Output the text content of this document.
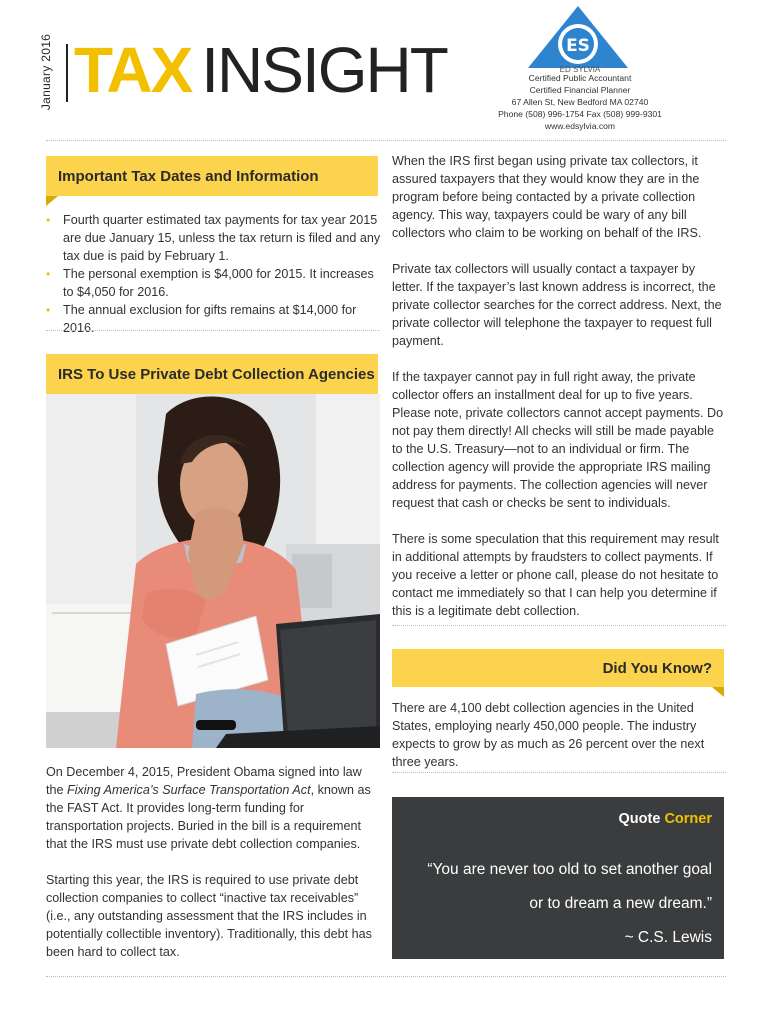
January 2016 TAX INSIGHT	ES
ED SYLVIA
Certified Public Accountant
Certified Financial Planner
67 Allen St, New Bedford MA 02740
Phone (508) 996-1754 Fax (508) 999-9301
www.edsylvia.com
Important Tax Dates and Information
• Fourth quarter estimated tax payments for tax year 2015 are due January 15, unless the tax return is filed and any tax due is paid by February 1.
• The personal exemption is $4,000 for 2015. It increases to $4,050 for 2016.
• The annual exclusion for gifts remains at $14,000 for 2016.
IRS To Use Private Debt Collection Agencies

On December 4, 2015, President Obama signed into law the Fixing America’s Surface Transportation Act, known as the FAST Act. It provides long-term funding for transportation projects. Buried in the bill is a requirement that the IRS must use private debt collection companies.

Starting this year, the IRS is required to use private debt collection companies to collect “inactive tax receivables” (i.e., any outstanding assessment that the IRS includes in potentially collectible inventory). Traditionally, this debt has been hard to collect tax.

When the IRS first began using private tax collectors, it assured taxpayers that they would know they are in the program before being contacted by a private collection agency. This way, taxpayers could be wary of any bill collectors who claim to be working on behalf of the IRS.

Private tax collectors will usually contact a taxpayer by letter. If the taxpayer’s last known address is incorrect, the private collector searches for the correct address. Next, the private collector will telephone the taxpayer to request full payment.

If the taxpayer cannot pay in full right away, the private collector offers an installment deal for up to five years. Please note, private collectors cannot accept payments. Do not pay them directly! All checks will still be made payable to the U.S. Treasury—not to an individual or firm. The collection agency will provide the appropriate IRS mailing address for payments. The collection agencies will never request that cash or checks be sent to individuals.

There is some speculation that this requirement may result in additional attempts by fraudsters to collect payments. If you receive a letter or phone call, please do not hesitate to contact me immediately so that I can help you determine if this is a legitimate debt collection.

Did You Know?
There are 4,100 debt collection agencies in the United States, employing nearly 450,000 people. The industry expects to grow by as much as 26 percent over the next three years.
Quote Corner
“You are never too old to set another goal
or to dream a new dream.”
~ C.S. Lewis
